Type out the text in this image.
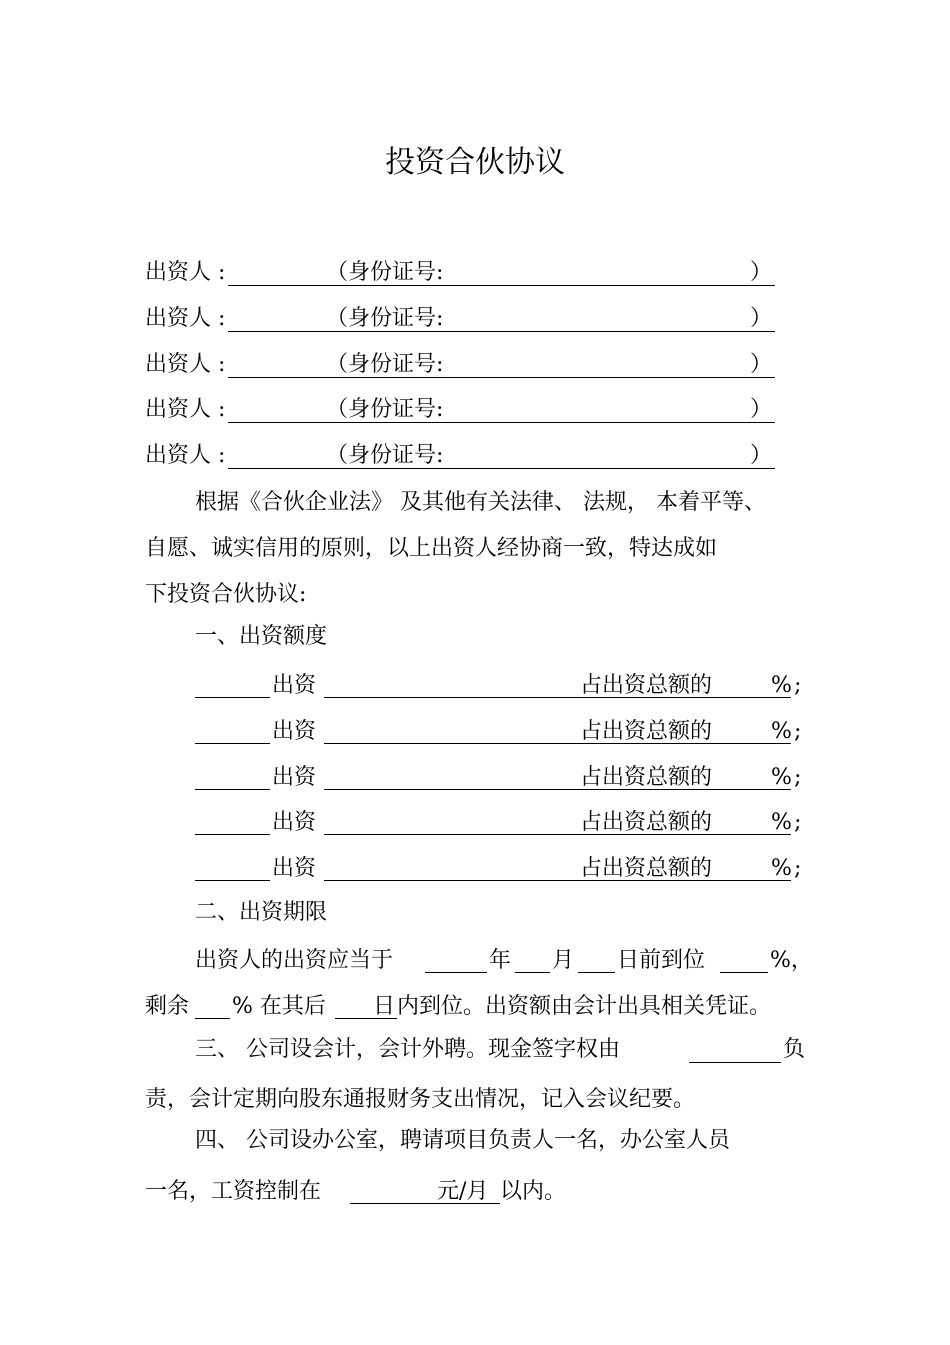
投资合伙协议
出资人 :	（身份证号:	）
出资人 :	（身份证号:	）
出资人 :	（身份证号:	）
出资人 :	（身份证号:	）
出资人 :	（身份证号:	）
根据《合伙企业法》 及其他有关法律、 法规， 本着平等、
自愿、诚实信用的原则，以上出资人经协商一致，特达成如
下投资合伙协议:
一、出资额度
出资	占出资总额的	% ;
出资	占出资总额的	% ;
出资	占出资总额的	% ;
出资	占出资总额的	% ;
出资	占出资总额的	% ;
二、出资期限
出资人的出资应当于	年 月 日前到位	%，
剩余 % 在其后 日 内到位。出资额由会计出具相关凭证。
三、 公司设会计，会计外聘。现金签字权由	负
责，会计定期向股东通报财务支出情况，记入会议纪要。
四、 公司设办公室，聘请项目负责人一名，办公室人员
一名，工资控制在	元/月 以内。
